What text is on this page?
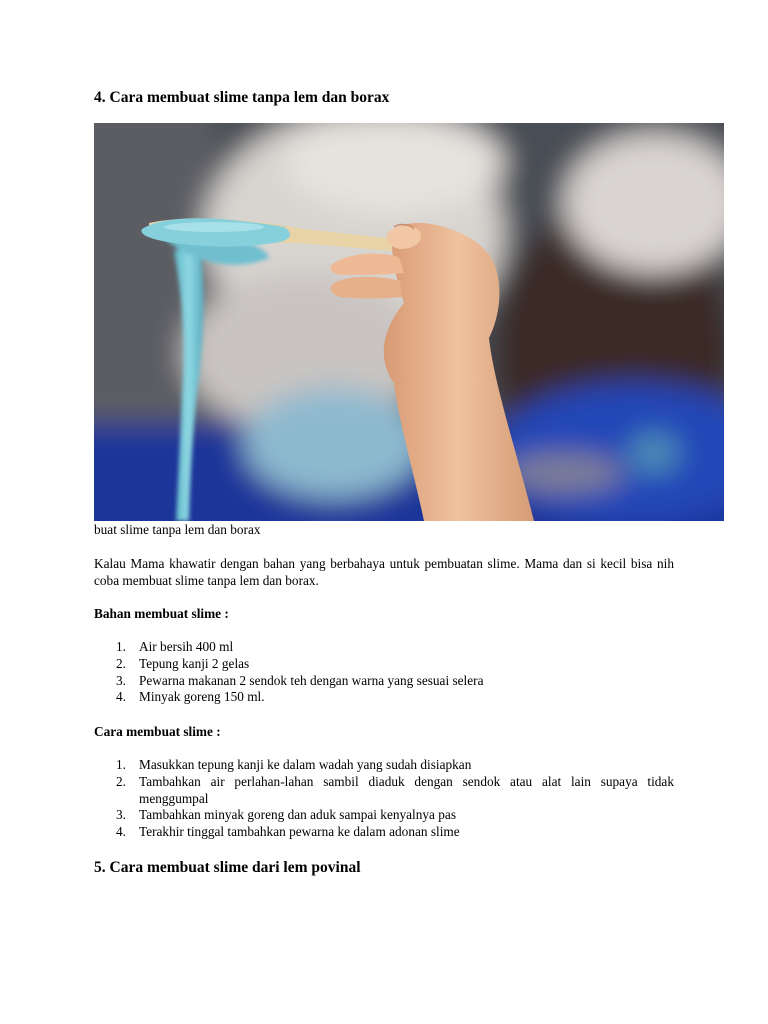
4. Cara membuat slime tanpa lem dan borax

buat slime tanpa lem dan borax

Kalau Mama khawatir dengan bahan yang berbahaya untuk pembuatan slime. Mama dan si kecil bisa nih coba membuat slime tanpa lem dan borax.

Bahan membuat slime :

1. Air bersih 400 ml
2. Tepung kanji 2 gelas
3. Pewarna makanan 2 sendok teh dengan warna yang sesuai selera
4. Minyak goreng 150 ml.

Cara membuat slime :

1. Masukkan tepung kanji ke dalam wadah yang sudah disiapkan
2. Tambahkan air perlahan-lahan sambil diaduk dengan sendok atau alat lain supaya tidak menggumpal
3. Tambahkan minyak goreng dan aduk sampai kenyalnya pas
4. Terakhir tinggal tambahkan pewarna ke dalam adonan slime
5. Cara membuat slime dari lem povinal
